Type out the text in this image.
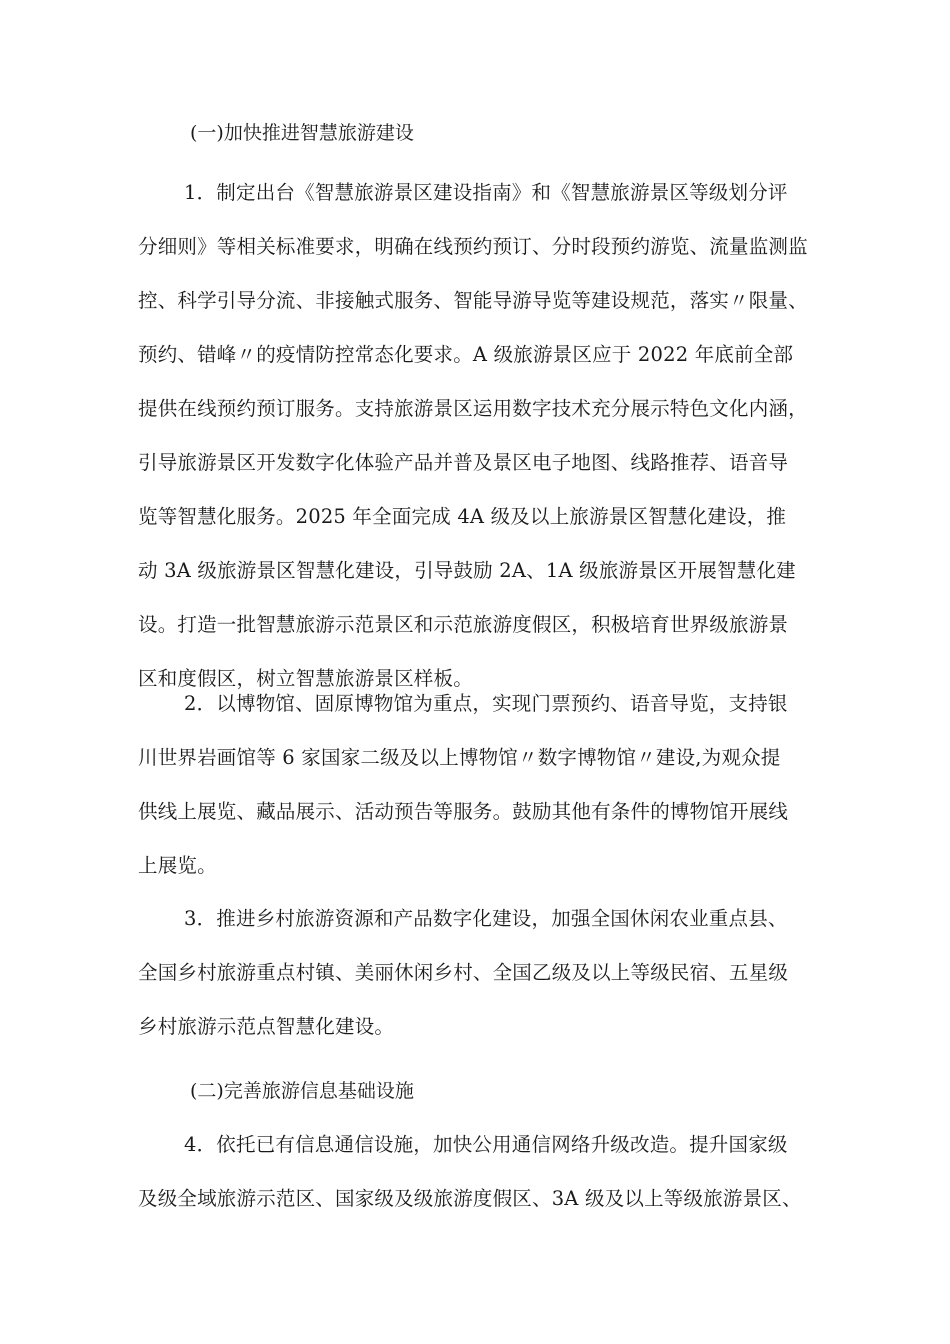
(一)加快推进智慧旅游建设
1．制定出台《智慧旅游景区建设指南》和《智慧旅游景区等级划分评
分细则》等相关标准要求，明确在线预约预订、分时段预约游览、流量监测监
控、科学引导分流、非接触式服务、智能导游导览等建设规范，落实〃限量、
预约、错峰〃的疫情防控常态化要求。A 级旅游景区应于 2022 年底前全部
提供在线预约预订服务。支持旅游景区运用数字技术充分展示特色文化内涵，
引导旅游景区开发数字化体验产品并普及景区电子地图、线路推荐、语音导
览等智慧化服务。2025 年全面完成 4A 级及以上旅游景区智慧化建设，推
动 3A 级旅游景区智慧化建设，引导鼓励 2A、1A 级旅游景区开展智慧化建
设。打造一批智慧旅游示范景区和示范旅游度假区，积极培育世界级旅游景
区和度假区，树立智慧旅游景区样板。
2．以博物馆、固原博物馆为重点，实现门票预约、语音导览，支持银
川世界岩画馆等 6 家国家二级及以上博物馆〃数字博物馆〃建设,为观众提
供线上展览、藏品展示、活动预告等服务。鼓励其他有条件的博物馆开展线
上展览。
3．推进乡村旅游资源和产品数字化建设，加强全国休闲农业重点县、
全国乡村旅游重点村镇、美丽休闲乡村、全国乙级及以上等级民宿、五星级
乡村旅游示范点智慧化建设。
(二)完善旅游信息基础设施
4．依托已有信息通信设施，加快公用通信网络升级改造。提升国家级
及级全域旅游示范区、国家级及级旅游度假区、3A 级及以上等级旅游景区、
